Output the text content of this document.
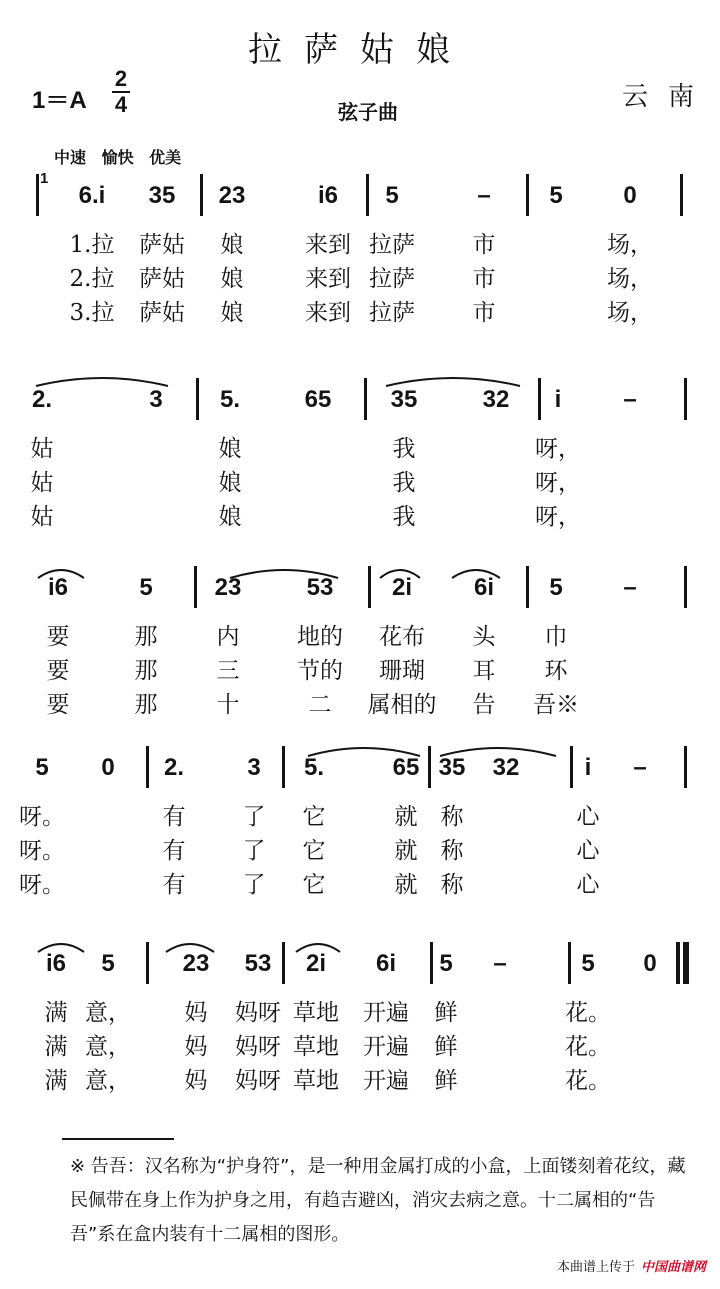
拉萨姑娘
1＝A
2
4	弦子曲	云南
中速 愉快 优美
1
6.i 35 23	i6 5	– 5	0
1.拉 萨姑 娘	来到 拉萨	市	场，
2.拉 萨姑 娘	来到 拉萨	市	场，
3.拉 萨姑 娘	来到 拉萨	市	场，
2.	3 5.	65 35	32 i	–
姑	娘	我	呀，
姑	娘	我	呀，
姑	娘	我	呀，
i6	5	23	53 2i	6i 5	–
要	那	内	地的 花布 头 巾
要	那	三	节的 珊瑚 耳 环
要	那	十	二 属相的 告 吾※
5 0 2.	3 5.	65 35 32	i –
呀。	有 了 它	就 称	心
呀。	有 了 它	就 称	心
呀。	有 了 它	就 称	心
i6 5	23 53 2i 6i 5 –	5 0
满 意， 妈 妈呀 草地 开遍 鲜	花。
满 意， 妈 妈呀 草地 开遍 鲜	花。
满 意， 妈 妈呀 草地 开遍 鲜	花。
※ 告吾：汉名称为“护身符”，是一种用金属打成的小盒，上面镂刻着花纹，藏民佩带在身上作为护身之用，有趋吉避凶，消灾去病之意。十二属相的“告吾”系在盒内装有十二属相的图形。
本曲谱上传于 中国曲谱网
